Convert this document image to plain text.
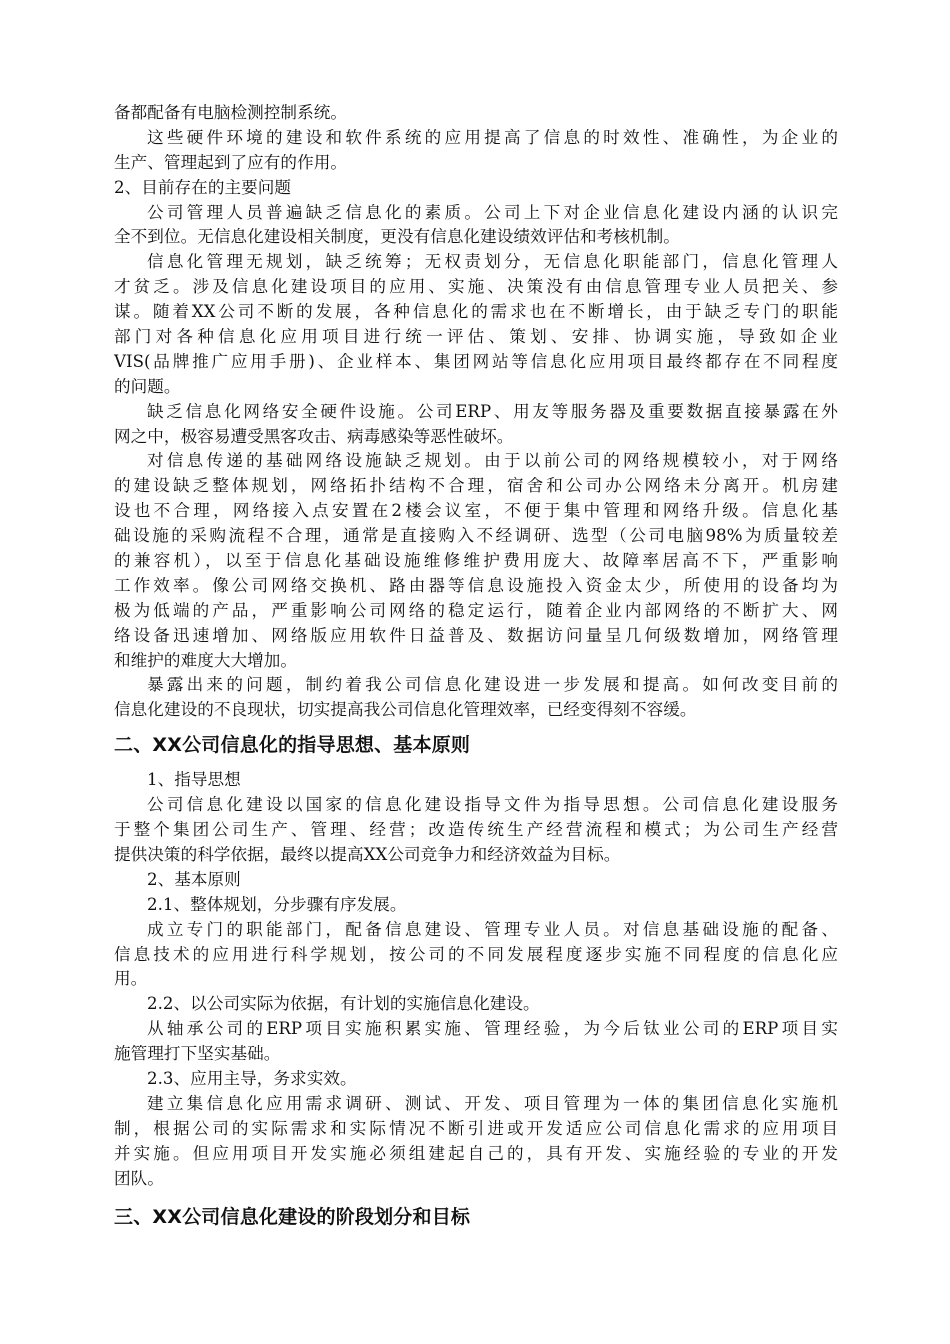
备都配备有电脑检测控制系统。
这些硬件环境的建设和软件系统的应用提高了信息的时效性、准确性，为企业的
生产、管理起到了应有的作用。
2、目前存在的主要问题
公司管理人员普遍缺乏信息化的素质。公司上下对企业信息化建设内涵的认识完
全不到位。无信息化建设相关制度，更没有信息化建设绩效评估和考核机制。
信息化管理无规划，缺乏统筹；无权责划分，无信息化职能部门，信息化管理人
才贫乏。涉及信息化建设项目的应用、实施、决策没有由信息管理专业人员把关、参
谋。随着XX公司不断的发展，各种信息化的需求也在不断增长，由于缺乏专门的职能
部门对各种信息化应用项目进行统一评估、策划、安排、协调实施，导致如企业
VIS(品牌推广应用手册)、企业样本、集团网站等信息化应用项目最终都存在不同程度
的问题。
缺乏信息化网络安全硬件设施。公司ERP、用友等服务器及重要数据直接暴露在外
网之中，极容易遭受黑客攻击、病毒感染等恶性破坏。
对信息传递的基础网络设施缺乏规划。由于以前公司的网络规模较小，对于网络
的建设缺乏整体规划，网络拓扑结构不合理，宿舍和公司办公网络未分离开。机房建
设也不合理，网络接入点安置在2楼会议室，不便于集中管理和网络升级。信息化基
础设施的采购流程不合理，通常是直接购入不经调研、选型（公司电脑98%为质量较差
的兼容机），以至于信息化基础设施维修维护费用庞大、故障率居高不下，严重影响
工作效率。像公司网络交换机、路由器等信息设施投入资金太少，所使用的设备均为
极为低端的产品，严重影响公司网络的稳定运行，随着企业内部网络的不断扩大、网
络设备迅速增加、网络版应用软件日益普及、数据访问量呈几何级数增加，网络管理
和维护的难度大大增加。
暴露出来的问题，制约着我公司信息化建设进一步发展和提高。如何改变目前的
信息化建设的不良现状，切实提高我公司信息化管理效率，已经变得刻不容缓。
二、XX公司信息化的指导思想、基本原则
1、指导思想
公司信息化建设以国家的信息化建设指导文件为指导思想。公司信息化建设服务
于整个集团公司生产、管理、经营；改造传统生产经营流程和模式；为公司生产经营
提供决策的科学依据，最终以提高XX公司竞争力和经济效益为目标。
2、基本原则
2.1、整体规划，分步骤有序发展。
成立专门的职能部门，配备信息建设、管理专业人员。对信息基础设施的配备、
信息技术的应用进行科学规划，按公司的不同发展程度逐步实施不同程度的信息化应
用。
2.2、以公司实际为依据，有计划的实施信息化建设。
从轴承公司的ERP项目实施积累实施、管理经验，为今后钛业公司的ERP项目实
施管理打下坚实基础。
2.3、应用主导，务求实效。
建立集信息化应用需求调研、测试、开发、项目管理为一体的集团信息化实施机
制，根据公司的实际需求和实际情况不断引进或开发适应公司信息化需求的应用项目
并实施。但应用项目开发实施必须组建起自己的，具有开发、实施经验的专业的开发
团队。
三、XX公司信息化建设的阶段划分和目标
